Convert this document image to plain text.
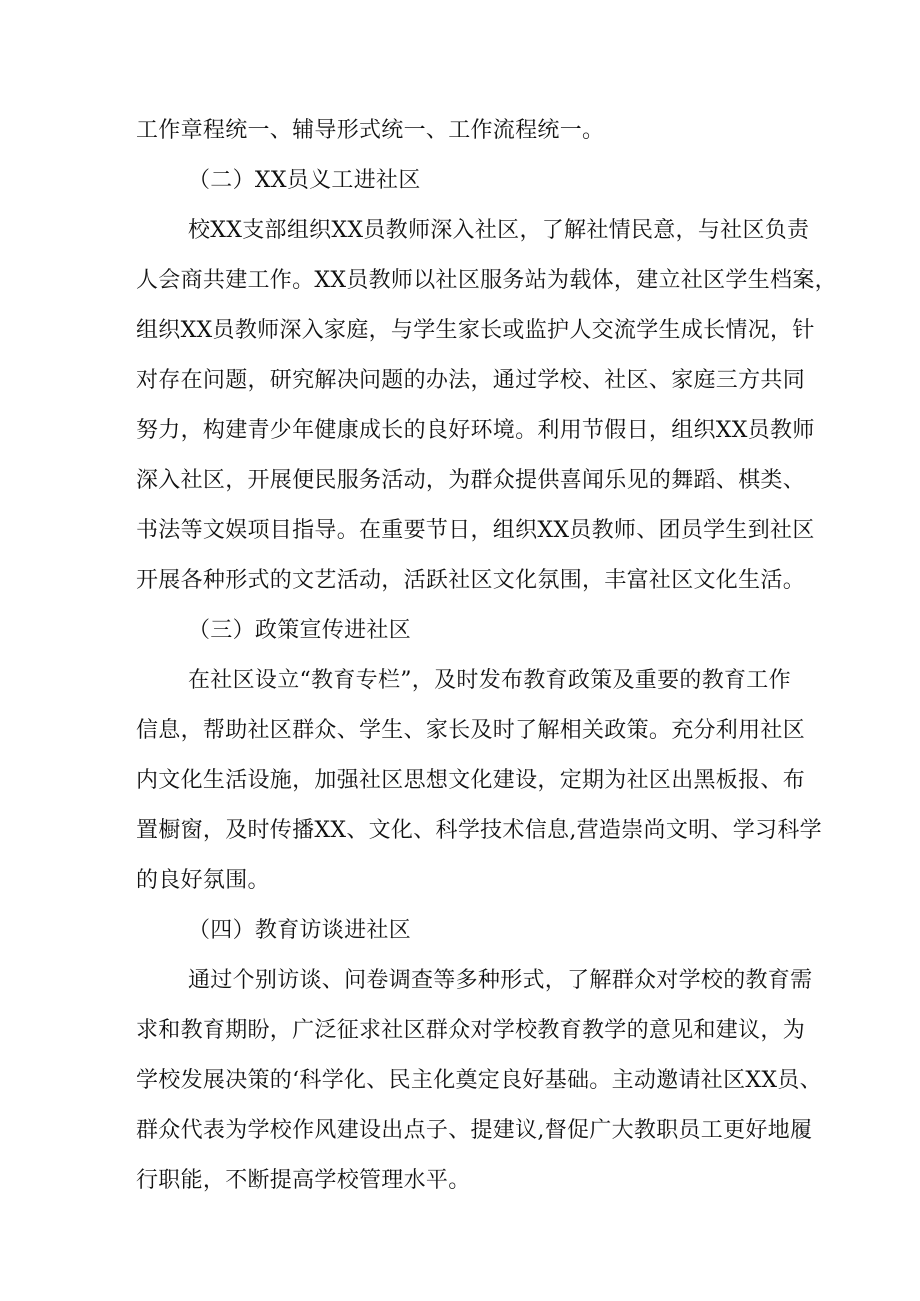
工作章程统一、辅导形式统一、工作流程统一。
（二）XX员义工进社区
校XX支部组织XX员教师深入社区，了解社情民意，与社区负责
人会商共建工作。XX员教师以社区服务站为载体，建立社区学生档案，
组织XX员教师深入家庭，与学生家长或监护人交流学生成长情况，针
对存在问题，研究解决问题的办法，通过学校、社区、家庭三方共同
努力，构建青少年健康成长的良好环境。利用节假日，组织XX员教师
深入社区，开展便民服务活动，为群众提供喜闻乐见的舞蹈、棋类、
书法等文娱项目指导。在重要节日，组织XX员教师、团员学生到社区
开展各种形式的文艺活动，活跃社区文化氛围，丰富社区文化生活。
（三）政策宣传进社区
在社区设立“教育专栏”，及时发布教育政策及重要的教育工作
信息，帮助社区群众、学生、家长及时了解相关政策。充分利用社区
内文化生活设施，加强社区思想文化建设，定期为社区出黑板报、布
置橱窗，及时传播XX、文化、科学技术信息,营造崇尚文明、学习科学
的良好氛围。
（四）教育访谈进社区
通过个别访谈、问卷调查等多种形式，了解群众对学校的教育需
求和教育期盼，广泛征求社区群众对学校教育教学的意见和建议，为
学校发展决策的‘科学化、民主化奠定良好基础。主动邀请社区XX员、
群众代表为学校作风建设出点子、提建议,督促广大教职员工更好地履
行职能，不断提高学校管理水平。
